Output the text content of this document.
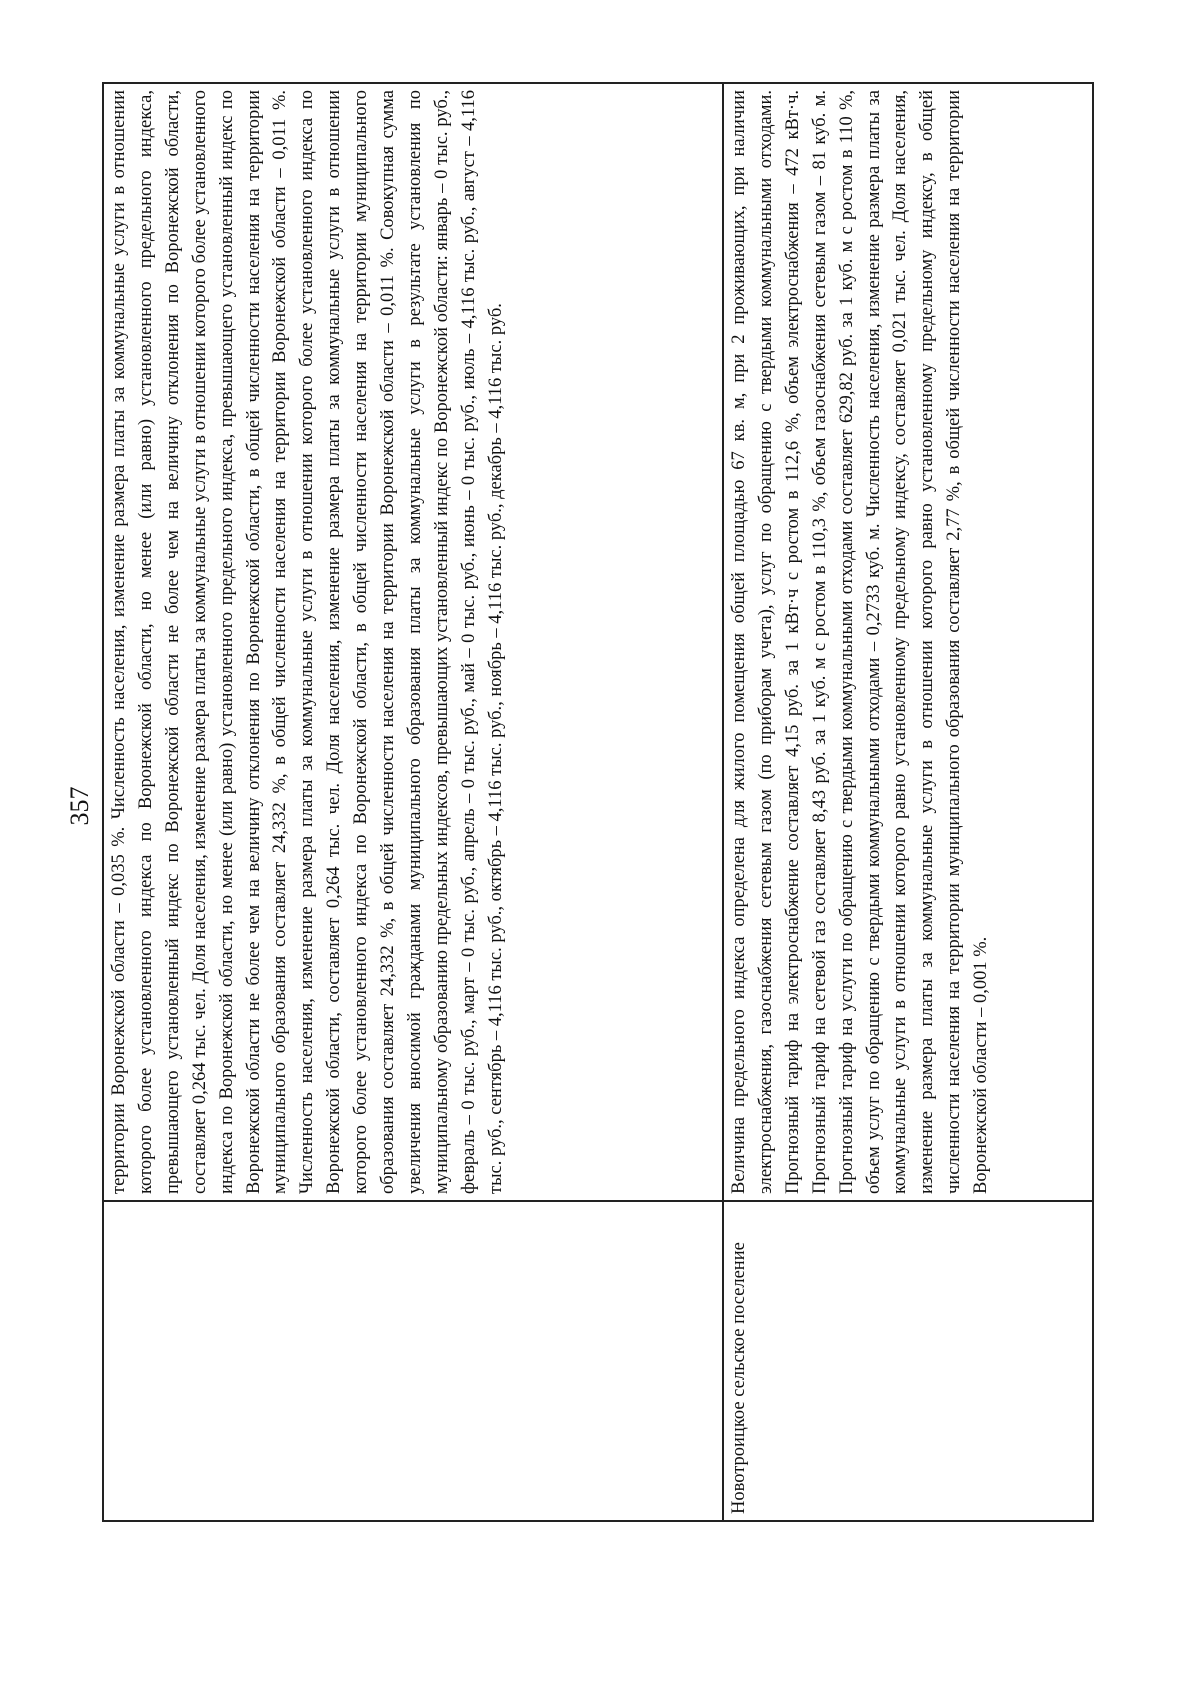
357
	территории Воронежской области – 0,035 %. Численность населения, изменение размера платы за коммунальные услуги в отношении которого более установленного индекса по Воронежской области, но менее (или равно) установленного предельного индекса, превышающего установленный индекс по Воронежской области не более чем на величину отклонения по Воронежской области, составляет 0,264 тыс. чел. Доля населения, изменение размера платы за коммунальные услуги в отношении которого более установленного индекса по Воронежской области, но менее (или равно) установленного предельного индекса, превышающего установленный индекс по Воронежской области не более чем на величину отклонения по Воронежской области, в общей численности населения на территории муниципального образования составляет 24,332 %, в общей численности населения на территории Воронежской области – 0,011 %. Численность населения, изменение размера платы за коммунальные услуги в отношении которого более установленного индекса по Воронежской области, составляет 0,264 тыс. чел. Доля населения, изменение размера платы за коммунальные услуги в отношении которого более установленного индекса по Воронежской области, в общей численности населения на территории муниципального образования составляет 24,332 %, в общей численности населения на территории Воронежской области – 0,011 %. Совокупная сумма увеличения вносимой гражданами муниципального образования платы за коммунальные услуги в результате установления по муниципальному образованию предельных индексов, превышающих установленный индекс по Воронежской области: январь – 0 тыс. руб., февраль – 0 тыс. руб., март – 0 тыс. руб., апрель – 0 тыс. руб., май – 0 тыс. руб., июнь – 0 тыс. руб., июль – 4,116 тыс. руб., август – 4,116 тыс. руб., сентябрь – 4,116 тыс. руб., октябрь – 4,116 тыс. руб., ноябрь – 4,116 тыс. руб., декабрь – 4,116 тыс. руб.
Новотроицкое сельское поселение	Величина предельного индекса определена для жилого помещения общей площадью 67 кв. м, при 2 проживающих, при наличии электроснабжения, газоснабжения сетевым газом (по приборам учета), услуг по обращению с твердыми коммунальными отходами. Прогнозный тариф на электроснабжение составляет 4,15 руб. за 1 кВт·ч с ростом в 112,6 %, объем электроснабжения – 472 кВт·ч. Прогнозный тариф на сетевой газ составляет 8,43 руб. за 1 куб. м с ростом в 110,3 %, объем газоснабжения сетевым газом – 81 куб. м. Прогнозный тариф на услуги по обращению с твердыми коммунальными отходами составляет 629,82 руб. за 1 куб. м с ростом в 110 %, объем услуг по обращению с твердыми коммунальными отходами – 0,2733 куб. м. Численность населения, изменение размера платы за коммунальные услуги в отношении которого равно установленному предельному индексу, составляет 0,021 тыс. чел. Доля населения, изменение размера платы за коммунальные услуги в отношении которого равно установленному предельному индексу, в общей численности населения на территории муниципального образования составляет 2,77 %, в общей численности населения на территории Воронежской области – 0,001 %.
